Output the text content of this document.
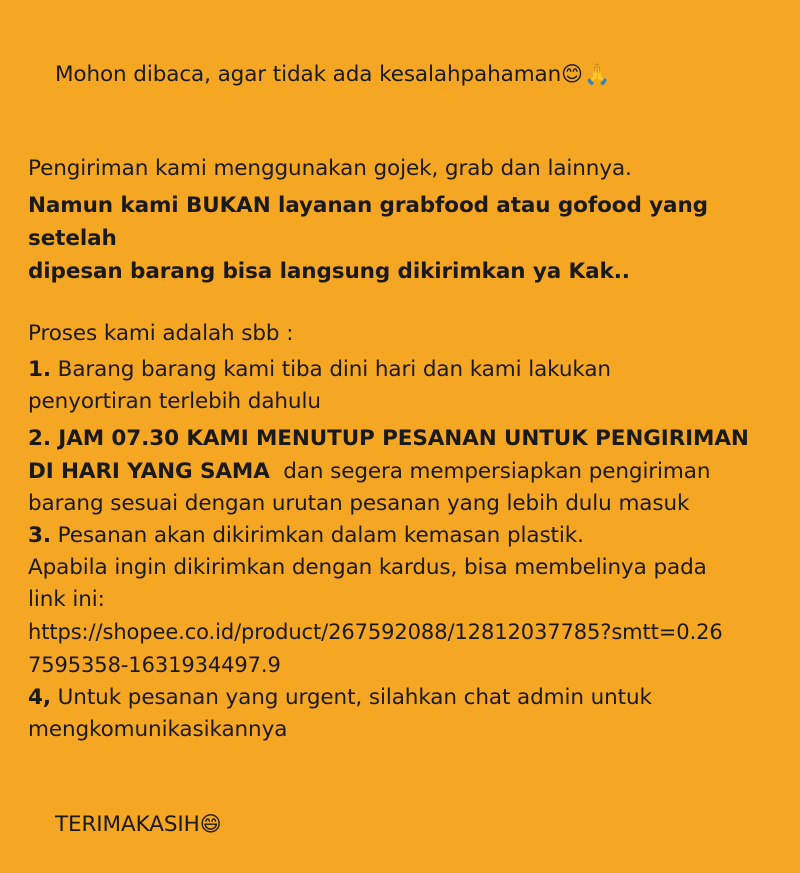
Mohon dibaca, agar tidak ada kesalahpahaman😊🙏

Pengiriman kami menggunakan gojek, grab dan lainnya.
Namun kami BUKAN layanan grabfood atau gofood yang setelah
dipesan barang bisa langsung dikirimkan ya Kak..
Proses kami adalah sbb :
1. Barang barang kami tiba dini hari dan kami lakukan
penyortiran terlebih dahulu
2. JAM 07.30 KAMI MENUTUP PESANAN UNTUK PENGIRIMAN
DI HARI YANG SAMA  dan segera mempersiapkan pengiriman
barang sesuai dengan urutan pesanan yang lebih dulu masuk
3. Pesanan akan dikirimkan dalam kemasan plastik.
Apabila ingin dikirimkan dengan kardus, bisa membelinya pada
link ini:
https://shopee.co.id/product/267592088/12812037785?smtt=0.26
7595358-1631934497.9
4, Untuk pesanan yang urgent, silahkan chat admin untuk
mengkomunikasikannya

TERIMAKASIH😄
